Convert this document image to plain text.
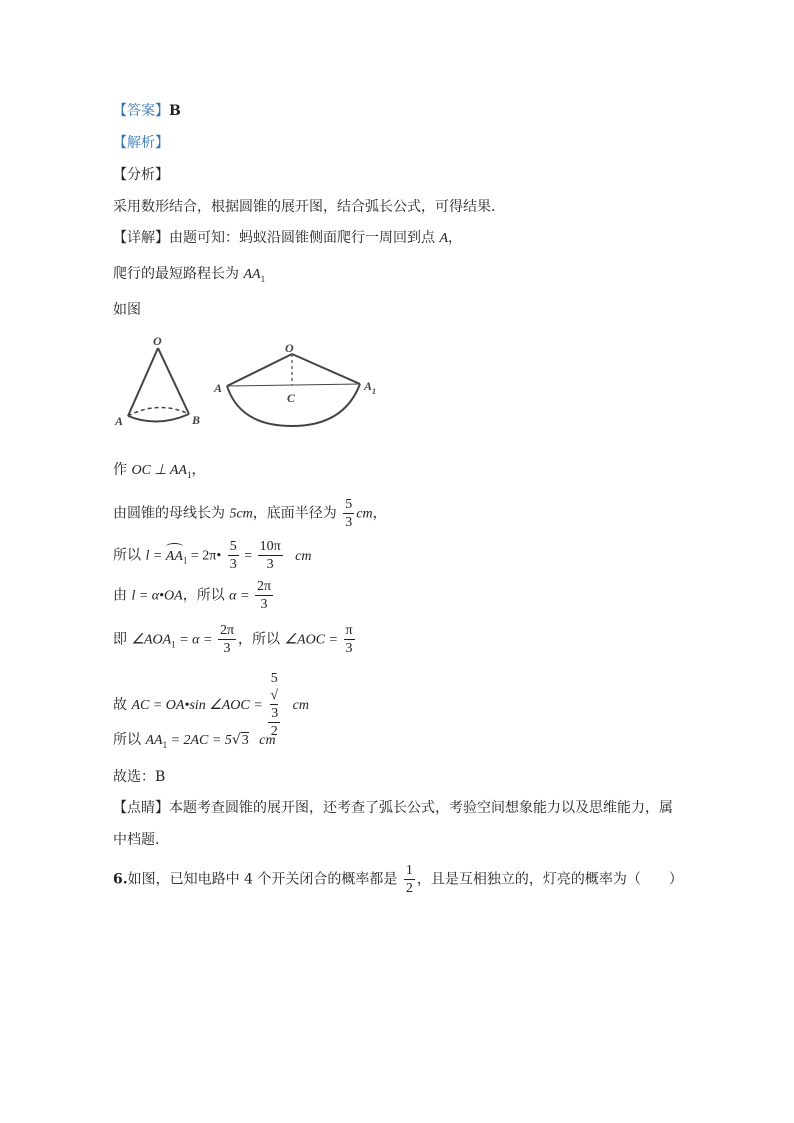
【答案】B
【解析】
【分析】
采用数形结合，根据圆锥的展开图，结合弧长公式，可得结果.
【详解】由题可知：蚂蚁沿圆锥侧面爬行一周回到点 A，
爬行的最短路程长为 $AA_1$
如图
O
A	B
O
A	A 1
C
作 OC ⊥ $AA_1$，
由圆锥的母线长为 5cm，底面半径为 $\frac{5}{3}$ cm，
所以 $l = AA_1$ = 2π• $\frac{5}{3} = \frac{10\pi}{3}$ cm
由 l = α•OA，所以 $\alpha = \frac{2\pi}{3}$
即 $\angle AOA_1 = \alpha = \frac{2\pi}{3}$ ，所以 ∠AOC = $\frac{\pi}{3}$
故 AC = OA•sin ∠AOC = 5
√
3
2 cm
所以 $AA_1 = 2AC = 5√3$ cm
故选：B
【点睛】本题考查圆锥的展开图，还考查了弧长公式，考验空间想象能力以及思维能力，属
中档题.
6.如图，已知电路中 4 个开关闭合的概率都是 $\frac{1}{2}$ ，且是互相独立的，灯亮的概率为（　　）
